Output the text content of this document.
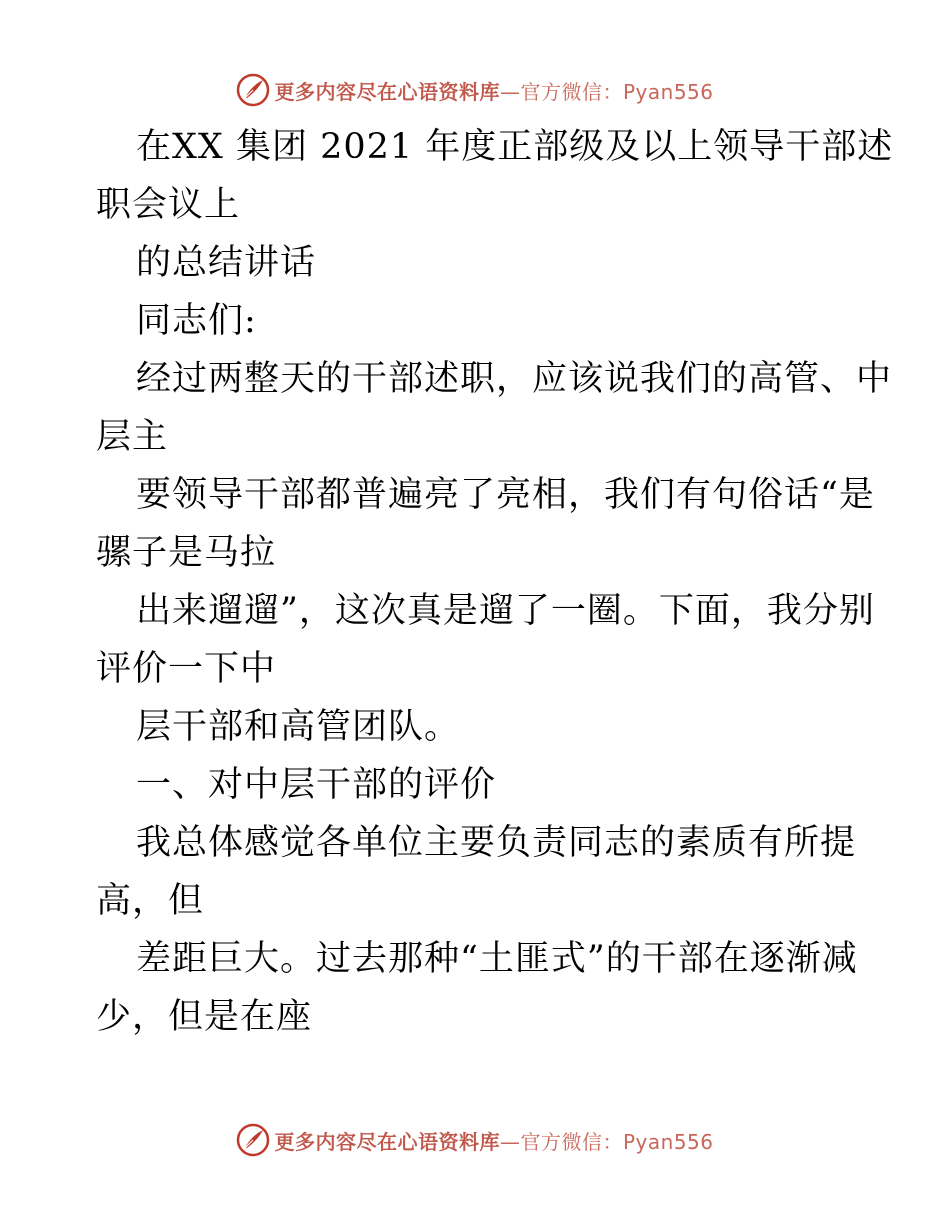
更多内容尽在心语资料库—官方微信：Pyan556
在XX 集团 2021 年度正部级及以上领导干部述
职会议上
的总结讲话
同志们:
经过两整天的干部述职，应该说我们的高管、中
层主
要领导干部都普遍亮了亮相，我们有句俗话“是
骡子是马拉
出来遛遛”，这次真是遛了一圈。下面，我分别
评价一下中
层干部和高管团队。
一、对中层干部的评价
我总体感觉各单位主要负责同志的素质有所提
高，但
差距巨大。过去那种“土匪式”的干部在逐渐减
少，但是在座
更多内容尽在心语资料库—官方微信：Pyan556
